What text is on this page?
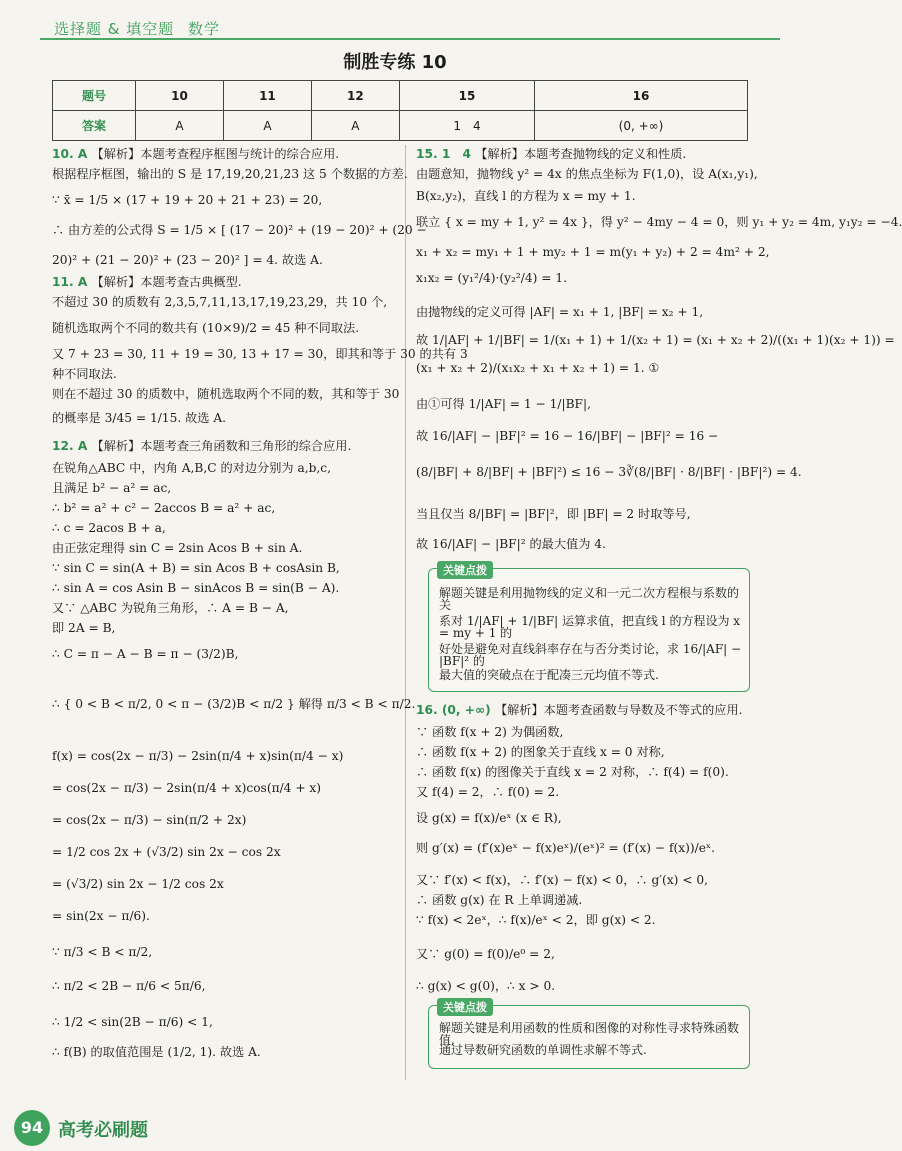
选择题 & 填空题 数学
制胜专练 10
题号	10	11	12	15	16
答案	A	A	A	1　4	(0, +∞)
10. A 【解析】本题考查程序框图与统计的综合应用.
根据程序框图，输出的 S 是 17,19,20,21,23 这 5 个数据的方差.
∵ x̄ = 1/5 × (17 + 19 + 20 + 21 + 23) = 20,
∴ 由方差的公式得 S = 1/5 × [ (17 − 20)² + (19 − 20)² + (20 −
20)² + (21 − 20)² + (23 − 20)² ] = 4. 故选 A.
11. A 【解析】本题考查古典概型.
不超过 30 的质数有 2,3,5,7,11,13,17,19,23,29，共 10 个,
随机选取两个不同的数共有 (10×9)/2 = 45 种不同取法.
又 7 + 23 = 30, 11 + 19 = 30, 13 + 17 = 30，即其和等于 30 的共有 3
种不同取法.
则在不超过 30 的质数中，随机选取两个不同的数，其和等于 30
的概率是 3/45 = 1/15. 故选 A.
12. A 【解析】本题考查三角函数和三角形的综合应用.
在锐角△ABC 中，内角 A,B,C 的对边分别为 a,b,c,
且满足 b² − a² = ac,
∴ b² = a² + c² − 2accos B = a² + ac,
∴ c = 2acos B + a,
由正弦定理得 sin C = 2sin Acos B + sin A.
∵ sin C = sin(A + B) = sin Acos B + cosAsin B,
∴ sin A = cos Asin B − sinAcos B = sin(B − A).
又∵ △ABC 为锐角三角形，∴ A = B − A,
即 2A = B,
∴ C = π − A − B = π − (3/2)B,
∴ { 0 < B < π/2, 0 < π − (3/2)B < π/2 } 解得 π/3 < B < π/2.
f(x) = cos(2x − π/3) − 2sin(π/4 + x)sin(π/4 − x)
= cos(2x − π/3) − 2sin(π/4 + x)cos(π/4 + x)
= cos(2x − π/3) − sin(π/2 + 2x)
= 1/2 cos 2x + (√3/2) sin 2x − cos 2x
= (√3/2) sin 2x − 1/2 cos 2x
= sin(2x − π/6).
∵ π/3 < B < π/2,
∴ π/2 < 2B − π/6 < 5π/6,
∴ 1/2 < sin(2B − π/6) < 1,
∴ f(B) 的取值范围是 (1/2, 1). 故选 A.
15. 1　4 【解析】本题考查抛物线的定义和性质.
由题意知，抛物线 y² = 4x 的焦点坐标为 F(1,0)，设 A(x₁,y₁),
B(x₂,y₂)，直线 l 的方程为 x = my + 1.
联立 { x = my + 1, y² = 4x }，得 y² − 4my − 4 = 0，则 y₁ + y₂ = 4m, y₁y₂ = −4.
x₁ + x₂ = my₁ + 1 + my₂ + 1 = m(y₁ + y₂) + 2 = 4m² + 2,
x₁x₂ = (y₁²/4)·(y₂²/4) = 1.
由抛物线的定义可得 |AF| = x₁ + 1, |BF| = x₂ + 1,
故 1/|AF| + 1/|BF| = 1/(x₁ + 1) + 1/(x₂ + 1) = (x₁ + x₂ + 2)/((x₁ + 1)(x₂ + 1)) =
(x₁ + x₂ + 2)/(x₁x₂ + x₁ + x₂ + 1) = 1. ①
由①可得 1/|AF| = 1 − 1/|BF|,
故 16/|AF| − |BF|² = 16 − 16/|BF| − |BF|² = 16 −
(8/|BF| + 8/|BF| + |BF|²) ≤ 16 − 3∛(8/|BF| · 8/|BF| · |BF|²) = 4.
当且仅当 8/|BF| = |BF|²，即 |BF| = 2 时取等号,
故 16/|AF| − |BF|² 的最大值为 4.
16. (0, +∞) 【解析】本题考查函数与导数及不等式的应用.
∵ 函数 f(x + 2) 为偶函数,
∴ 函数 f(x + 2) 的图象关于直线 x = 0 对称,
∴ 函数 f(x) 的图像关于直线 x = 2 对称，∴ f(4) = f(0).
又 f(4) = 2，∴ f(0) = 2.
设 g(x) = f(x)/eˣ (x ∈ R),
则 g′(x) = (f′(x)eˣ − f(x)eˣ)/(eˣ)² = (f′(x) − f(x))/eˣ.
又∵ f′(x) < f(x)，∴ f′(x) − f(x) < 0，∴ g′(x) < 0,
∴ 函数 g(x) 在 R 上单调递减.
∵ f(x) < 2eˣ，∴ f(x)/eˣ < 2，即 g(x) < 2.
又∵ g(0) = f(0)/e⁰ = 2,
∴ g(x) < g(0)，∴ x > 0.
关键点拨
解题关键是利用抛物线的定义和一元二次方程根与系数的关
系对 1/|AF| + 1/|BF| 运算求值，把直线 l 的方程设为 x = my + 1 的
好处是避免对直线斜率存在与否分类讨论，求 16/|AF| − |BF|² 的
最大值的突破点在于配凑三元均值不等式.
关键点拨
解题关键是利用函数的性质和图像的对称性寻求特殊函数值,
通过导数研究函数的单调性求解不等式.
94 高考必刷题
